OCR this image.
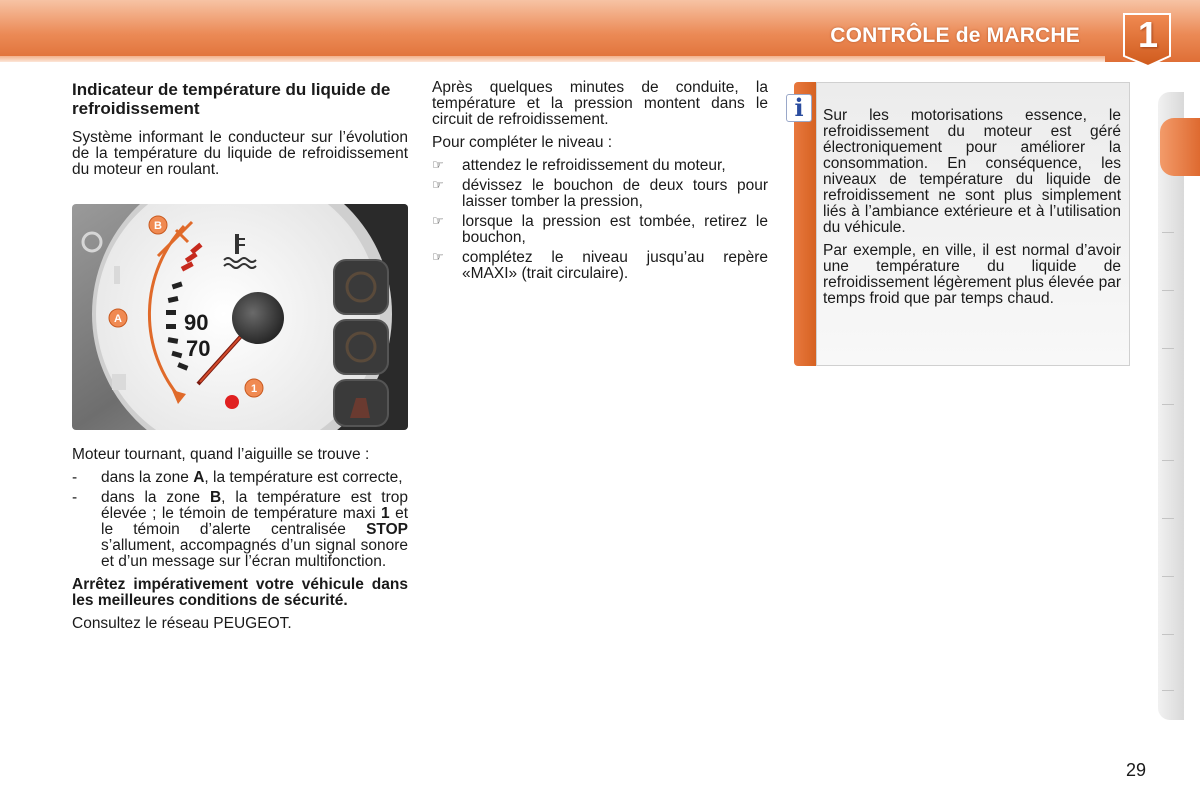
CONTRÔLE de MARCHE	1
Indicateur de température du liquide de refroidissement

Système informant le conducteur sur l’évolution de la température du liquide de refroidissement du moteur en roulant.

90
70
B
A
1

Moteur tournant, quand l’aiguille se trouve :

- dans la zone A, la température est correcte,
- dans la zone B, la température est trop élevée ; le témoin de température maxi 1 et le témoin d’alerte centralisée STOP s’allument, accompagnés d’un signal sonore et d’un message sur l’écran multifonction.

Arrêtez impérativement votre véhicule dans les meilleures conditions de sécurité.

Consultez le réseau PEUGEOT.

Après quelques minutes de conduite, la température et la pression montent dans le circuit de refroidissement.

Pour compléter le niveau :

☞ attendez le refroidissement du moteur,
☞ dévissez le bouchon de deux tours pour laisser tomber la pression,
☞ lorsque la pression est tombée, retirez le bouchon,
☞ complétez le niveau jusqu’au repère «MAXI» (trait circulaire).
i	Sur les motorisations essence, le refroidissement du moteur est géré électroniquement pour améliorer la consommation. En conséquence, les niveaux de température du liquide de refroidissement ne sont plus simplement liés à l’ambiance extérieure et à l’utilisation du véhicule.

Par exemple, en ville, il est normal d’avoir une température du liquide de refroidissement légèrement plus élevée par temps froid que par temps chaud.

29
